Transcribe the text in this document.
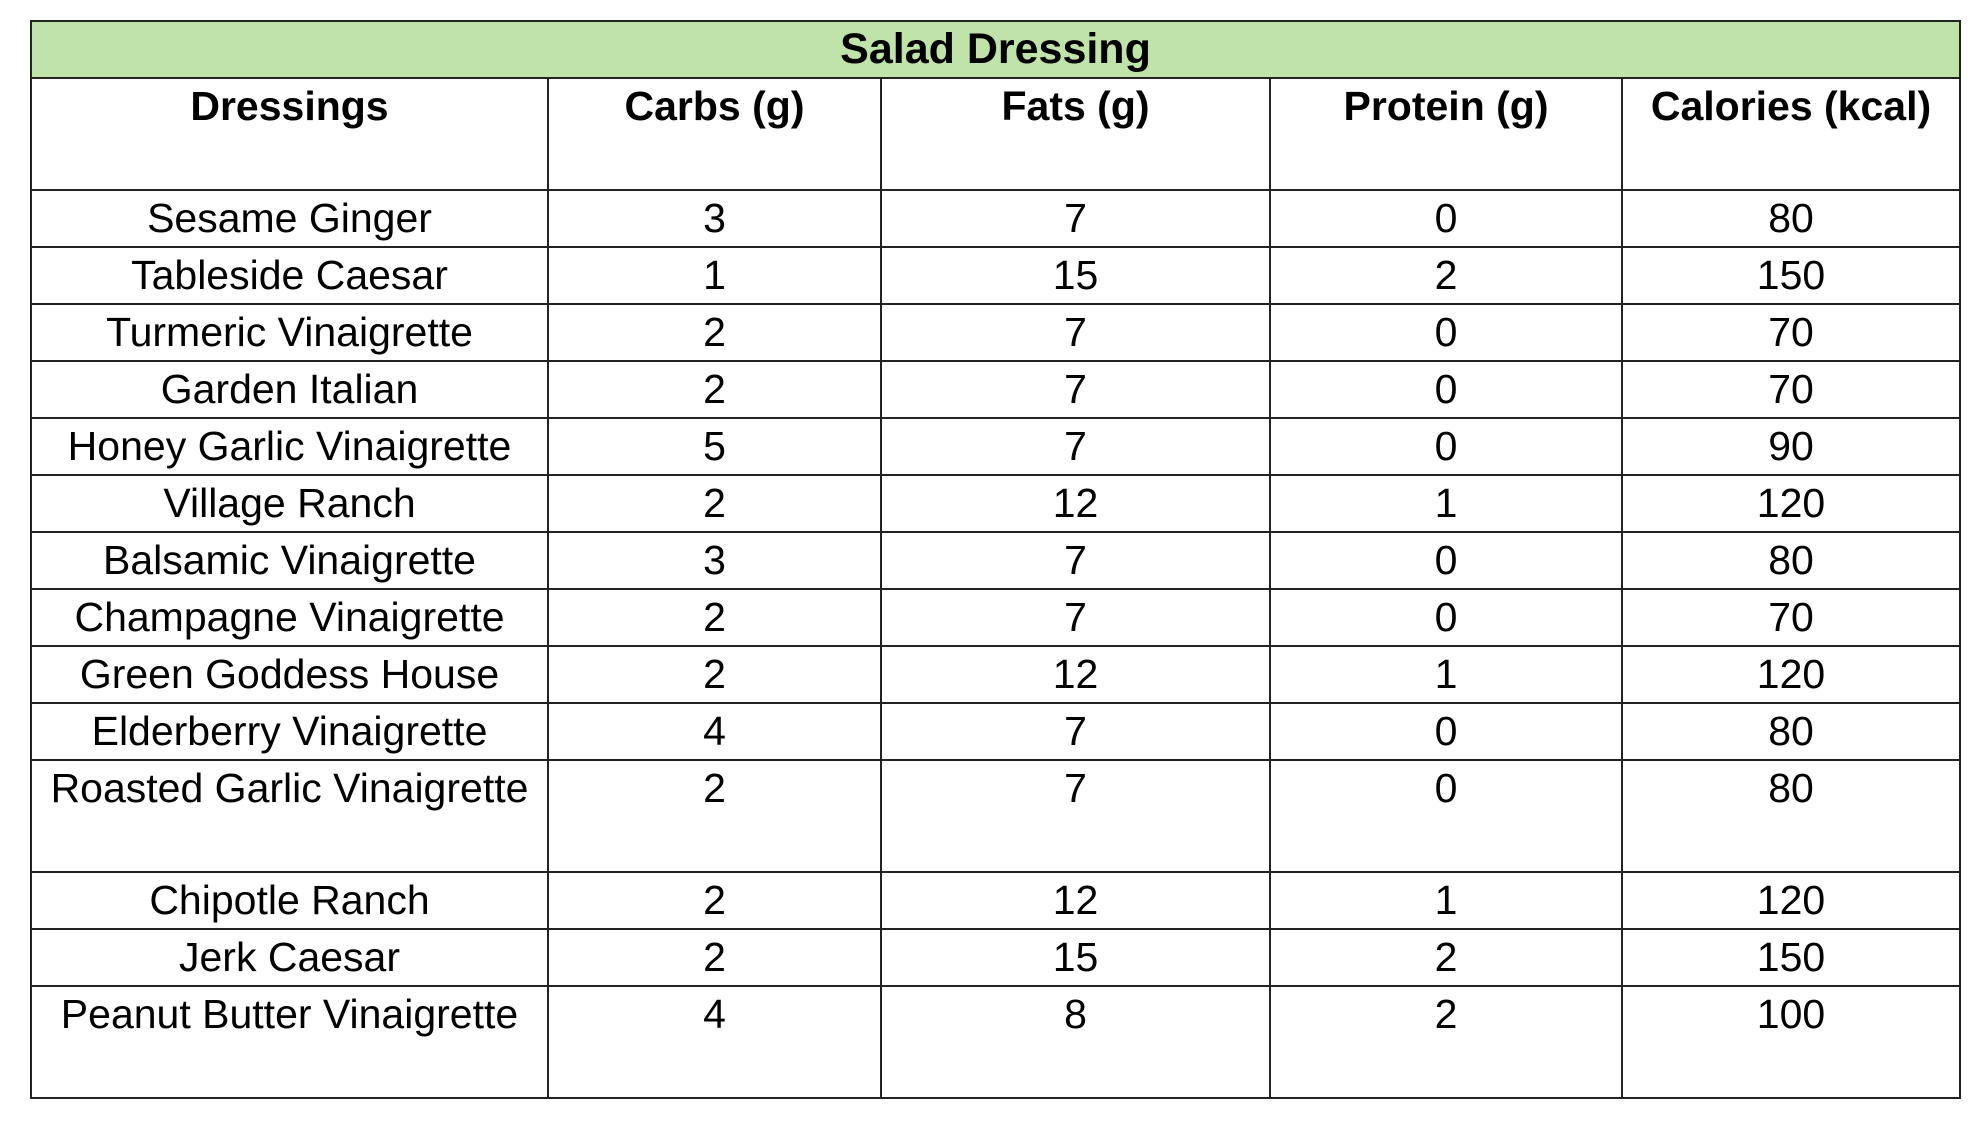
Salad Dressing				
Dressings	Carbs (g)	Fats (g)	Protein (g)	Calories (kcal)
Sesame Ginger	3	7	0	80
Tableside Caesar	1	15	2	150
Turmeric Vinaigrette	2	7	0	70
Garden Italian	2	7	0	70
Honey Garlic Vinaigrette	5	7	0	90
Village Ranch	2	12	1	120
Balsamic Vinaigrette	3	7	0	80
Champagne Vinaigrette	2	7	0	70
Green Goddess House	2	12	1	120
Elderberry Vinaigrette	4	7	0	80
Roasted Garlic Vinaigrette	2	7	0	80
Chipotle Ranch	2	12	1	120
Jerk Caesar	2	15	2	150
Peanut Butter Vinaigrette	4	8	2	100
